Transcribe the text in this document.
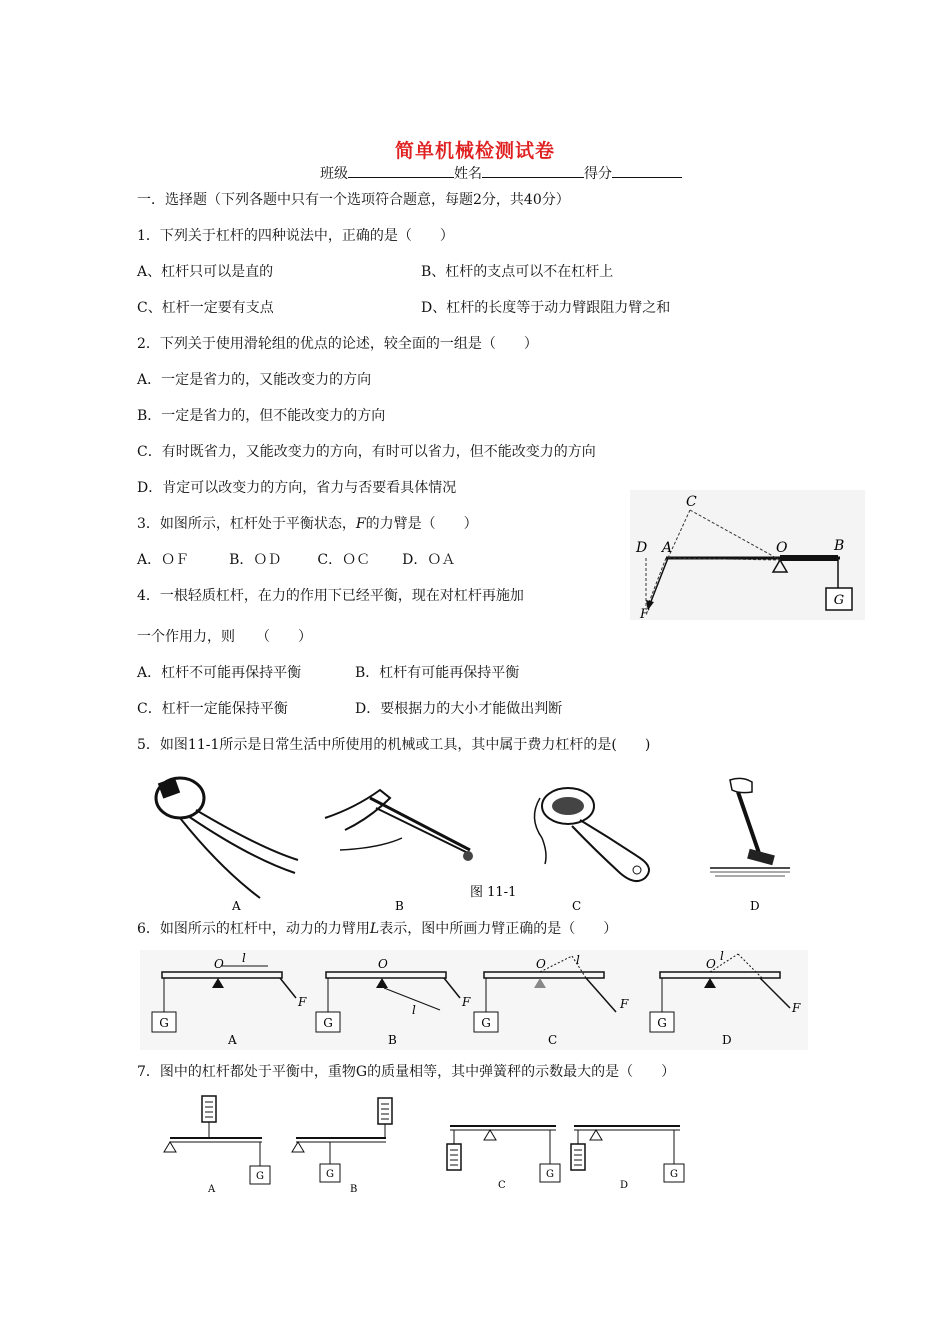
简单机械检测试卷
班级	姓名	得分
一．选择题（下列各题中只有一个选项符合题意，每题2分，共40分）
1．下列关于杠杆的四种说法中，正确的是（　　）
A、杠杆只可以是直的	B、杠杆的支点可以不在杠杆上
C、杠杆一定要有支点	D、杠杆的长度等于动力臂跟阻力臂之和
2．下列关于使用滑轮组的优点的论述，较全面的一组是（　　）
A．一定是省力的，又能改变力的方向
B．一定是省力的，但不能改变力的方向
C．有时既省力，又能改变力的方向，有时可以省力，但不能改变力的方向
D．肯定可以改变力的方向，省力与否要看具体情况
3．如图所示，杠杆处于平衡状态，F的力臂是（　　）
A．ＯＦ	B．ＯＤ	C．ＯＣ D．ＯＡ
G
C
D A	O	B
F
4．一根轻质杠杆，在力的作用下已经平衡，现在对杠杆再施加
一个作用力，则　　（　　）
A．杠杆不可能再保持平衡	B．杠杆有可能再保持平衡
C．杠杆一定能保持平衡	D．要根据力的大小才能做出判断
5．如图11-1所示是日常生活中所使用的机械或工具，其中属于费力杠杆的是(　　)
A	B	C
图 11-1
D
6．如图所示的杠杆中，动力的力臂用L表示，图中所画力臂正确的是（　　）
G
F
O l
A
G
F
O
l
B
G
F
O	l
C
G
F
O
l
D
7．图中的杠杆都处于平衡中，重物G的质量相等，其中弹簧秤的示数最大的是（　　）
G
A
G
B
G
C
G
D
